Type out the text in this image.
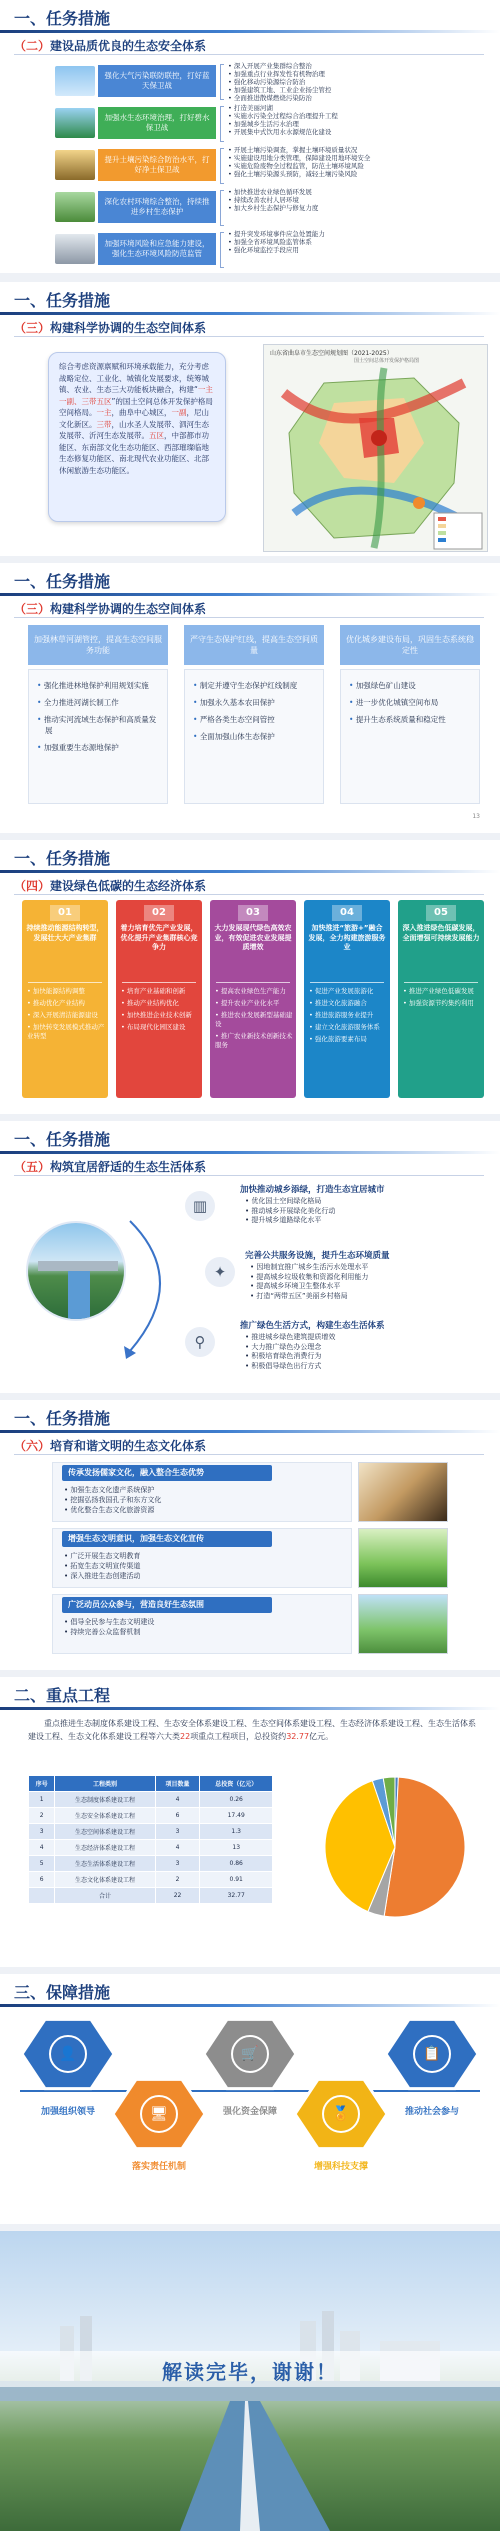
一、任务措施
（二）建设品质优良的生态安全体系
强化大气污染联防联控，打好蓝天保卫战
• 深入开展产业集群综合整治
• 加强重点行业挥发性有机物治理
• 强化移动污染源综合防治
• 加强建筑工地、工业企业扬尘管控
• 全面推进散煤燃烧污染防治
加强水生态环境治理，打好碧水保卫战
• 打造美丽河湖
• 实施水污染全过程综合治理提升工程
• 加强城乡生活污水治理
• 开展集中式饮用水水源规范化建设
提升土壤污染综合防治水平，打好净土保卫战
• 开展土壤污染调查，掌握土壤环境质量状况
• 实施建设用地分类管理，保障建设用地环境安全
• 实施危险废物全过程监管，防范土壤环境风险
• 强化土壤污染源头预防，减轻土壤污染风险
深化农村环境综合整治，持续推进乡村生态保护
• 加快推进农业绿色循环发展
• 持续改善农村人居环境
• 加大乡村生态保护与修复力度
加强环境风险和应急能力建设，强化生态环境风险防范监管
• 提升突发环境事件应急处置能力
• 加强全省环境风险监管体系
• 强化环境监控手段应用
一、任务措施
（三）构建科学协调的生态空间体系
综合考虑资源禀赋和环境承载能力，充分考虑战略定位、工业化、城镇化发展要求，统筹城镇、农业、生态三大功能板块融合，构建“一主一副、三带五区”的国土空间总体开发保护格局空间格局。一主，曲阜中心城区，一副，尼山文化新区。三带，山水圣人发展带、泗河生态发展带、沂河生态发展带。五区，中部都市功能区、东南部文化生态功能区、西部璀璨临地生态修复功能区、南北现代农业功能区、北部休闲旅游生态功能区。
山东省曲阜市生态空间规划图（2021-2025）
国土空间总体开发保护格局图
一、任务措施
（三）构建科学协调的生态空间体系
加强林草河湖管控，提高生态空间服务功能
• 强化推进林地保护利用规划实施
• 全力推进河湖长制工作
• 推动实河流域生态保护和高质量发展
• 加强重要生态源地保护
严守生态保护红线，提高生态空间质量
• 制定并遵守生态保护红线制度
• 加强永久基本农田保护
• 严格各类生态空间管控
• 全面加强山体生态保护
优化城乡建设布局，巩固生态系统稳定性
• 加强绿色矿山建设
• 进一步优化城镇空间布局
• 提升生态系统质量和稳定性
13
一、任务措施
（四）建设绿色低碳的生态经济体系
01
持续推动能源结构转型，发展壮大大产业集群
• 加快能源结构调整
• 推动优化产业结构
• 深入开展清洁能源建设
• 加快转变发展模式推动产业转型
02
着力培育优先产业发展，优化提升产业集群核心竞争力
• 培育产业基础和创新
• 推动产业结构优化
• 加快推进企业技术创新
• 布局现代化园区建设
03
大力发展现代绿色高效农业，有效促进农业发展提质增效
• 提高农业绿色生产能力
• 提升农业产业化水平
• 推进农业发展新型基础建设
• 推广农业新技术创新技术服务
04
加快推进“旅游+”融合发展，全力构建旅游服务业
• 促进产业发展旅游化
• 推进文化旅游融合
• 推进旅游服务业提升
• 建立文化旅游服务体系
• 强化旅游要素布局
05
深入推进绿色低碳发展，全面增强可持续发展能力
• 推进产业绿色低碳发展
• 加强资源节约集约利用
一、任务措施
（五）构筑宜居舒适的生态生活体系
▥
加快推动城乡添绿，打造生态宜居城市
• 优化国土空间绿化格局
• 推动城乡开展绿化美化行动
• 提升城乡道路绿化水平
✦
完善公共服务设施，提升生态环境质量
• 因地制宜推广城乡生活污水处理水平
• 提高城乡垃圾收集和资源化利用能力
• 提高城乡环境卫生整体水平
• 打造“两带五区”美丽乡村格局
⚲
推广绿色生活方式，构建生态生活体系
• 推进城乡绿色建筑提质增效
• 大力推广绿色办公理念
• 积极培育绿色消费行为
• 积极倡导绿色出行方式
一、任务措施
（六）培育和谐文明的生态文化体系
传承发扬儒家文化，融入整合生态优势
• 加强生态文化遗产系统保护
• 挖掘弘扬我国孔子和东方文化
• 优化整合生态文化旅游资源
增强生态文明意识，加强生态文化宣传
• 广泛开展生态文明教育
• 拓宽生态文明宣传渠道
• 深入推进生态创建活动
广泛动员公众参与，营造良好生态氛围
• 倡导全民参与生态文明建设
• 持续完善公众监督机制
二、重点工程
重点推进生态制度体系建设工程、生态安全体系建设工程、生态空间体系建设工程、生态经济体系建设工程、生态生活体系建设工程、生态文化体系建设工程等六大类22项重点工程项目，总投资约32.77亿元。
序号	工程类别	项目数量	总投资（亿元）
1	生态制度体系建设工程	4	0.26
2	生态安全体系建设工程	6	17.49
3	生态空间体系建设工程	3	1.3
4	生态经济体系建设工程	4	13
5	生态生活体系建设工程	3	0.86
6	生态文化体系建设工程	2	0.91
	合计	22	32.77
三、保障措施
👤
加强组织领导	🖥
落实责任机制
🛒
强化资金保障	🏅
增强科技支撑
📋
推动社会参与
解读完毕，谢谢！
